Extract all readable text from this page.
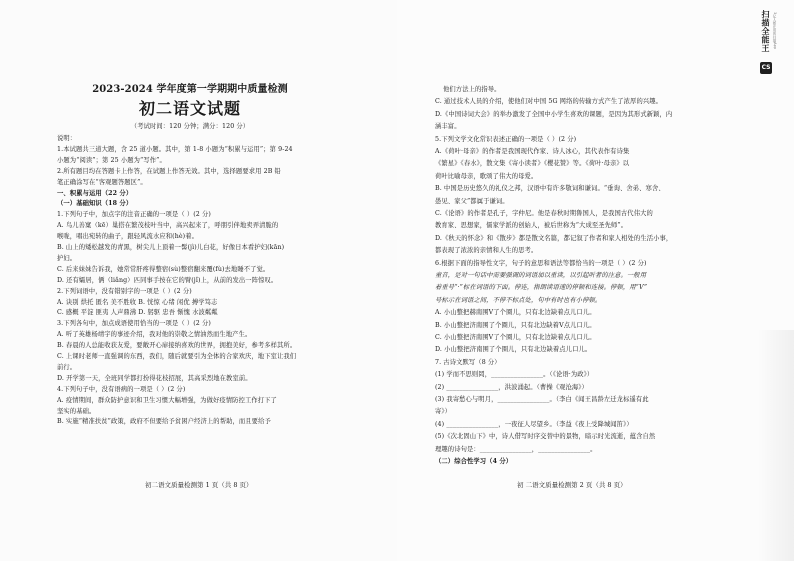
2023-2024 学年度第一学期期中质量检测
初二语文试题
（考试时间：120 分钟；满分：120 分）
说明：
1.本试题共三道大题，含 25 道小题。其中，第 1-8 小题为“积累与运用”；第 9-24
小题为“阅读”；第 25 小题为“写作”。
2.所有题目均在答题卡上作答，在试题上作答无效。其中，选择题要求用 2B 铅
笔正确涂写在“客观题答题区”。
一、积累与运用（22 分）
（一）基础知识（18 分）
1.下列句子中，加点字的注音正确的一项是（ ）(2 分)
A. 鸟儿善窠（kē）巢搭在繁茂枝叶当中，高兴起来了，呼朋引伴地卖弄清脆的
喉咙，唱出宛转的曲子，跟轻风流水应和(hè)着。
B. 山上的矮松越发的青黑，树尖儿上顶着一髻(jì)儿白花，好像日本看护妇(kān)
护妇。
C. 后来妹妹告诉我，她常常肝疼得整宿(sù)整宿翻来覆(fù)去地睡不了觉。
D. 还有孀居，俩（liǎng）匹同事手按在它的臂(jǐ)上，从前的发出一阵惊叹。
2.下列词语中，没有错别字的一项是（ ）(2 分)
A. 诀别 烘托 匿名 美不胜收 B. 恍惊 心绪 闲优 搏学笃志
C. 感概 平淀 匪夷 人声鼎沸 D. 躬驱 忠吾 惭愧 水波粼粼
3.下列各句中，加点成语使用恰当的一项是（ ）(2 分)
A. 听了英雄杨靖宇的事迹介绍，我对他的崇敬之情油然而生地产生。
B. 春晨的人总能收获友爱，要敞开心扉接纳喜欢的世界，拥抱美好，参考多样其所。
C. 上课时老师一直强调的东西，我们，随后就要引为全体的合家欢庆，地下室让我们
前行。
D. 开学第一天，全班同学都打扮得花枝招展，其高采烈地在教室前。
4.下列句子中，没有语病的一项是（ ）(2 分)
A. 疫情期间，群众防护意识和卫生习惯大幅增强，为做好疫情防控工作打下了
坚实的基础。
B. 实施“精准扶贫”政策，政府不但要给予贫困户经济上的帮助，而且要给予
初二语文质量检测第 1 页（共 8 页）
他们方法上的指导。
C. 通过技术人员的介绍，使他们对中国 5G 网络的传输方式产生了浓厚的兴趣。
D.《中国诗词大会》的举办激发了全国中小学生喜欢的课题，是因为其形式新颖，内
涵丰富。
5.下列文学文化常识表述正确的一项是（ ）(2 分)
A.《荷叶·母亲》的作者是我国现代作家、诗人冰心，其代表作有诗集
《繁星》《春水》，散文集《寄小读者》《樱花赞》等。《荷叶·母亲》以
荷叶比喻母亲，歌颂了伟大的母爱。
B. 中国是历史悠久的礼仪之邦，汉语中有许多敬词和谦词。“垂询、舍弟、寒舍、
愚见、家父”都属于谦词。
C.《论语》的作者是孔子，字仲尼。他是春秋时期鲁国人，是我国古代伟大的
教育家、思想家，儒家学派的创始人，被后世称为“大成至圣先师”。
D.《秋天的怀念》和《散步》都是散文名篇，都记叙了作者和家人相处的生活小事，
都表现了浓浓的亲情和人生的思考。
6.根据下面的指导性文字，句子的意思和语法等都恰当的一项是（ ）(2 分)
童音，是对一句话中需要强调的词语加以重读，以引起听者的注意。一般用
着重号“·”标在词语的下面。停连，指朗读语速的停顿和连接。停顿，用“V”
号标示在词语之间，不停不标点处，句中有时也有小停顿。
A. 小山整把赫南围V了个圈儿，只有北边缺着点儿口儿。
B. 小山整把济南围了个圈儿，只有北边缺着V点儿口儿。
C. 小山整把济南围V了个圈儿，只有北边缺着点儿口儿。
D. 小山整把济南围了个圈儿，只有北边缺着点儿口儿。
7. 古诗文默写（8 分）
(1) 学而不思则罔，________________。（《论语·为政》）
(2) ________________，洪波涌起。（曹操《观沧海》）
(3) 我寄愁心与明月，________________。（李白《闻王昌龄左迁龙标遥有此
寄》）
(4) ________________，一夜征人尽望乡。（李益《夜上受降城闻笛》）
(5)《次北固山下》中，诗人借写时序交替中的景物，暗示时光流逝，蕴含自然
理趣的诗句是：________________，________________。
（二）综合性学习（4 分）
初 二语文质量检测第 2 页（共 8 页）
扫描全能王 3亿人都在用的扫描App
CS
